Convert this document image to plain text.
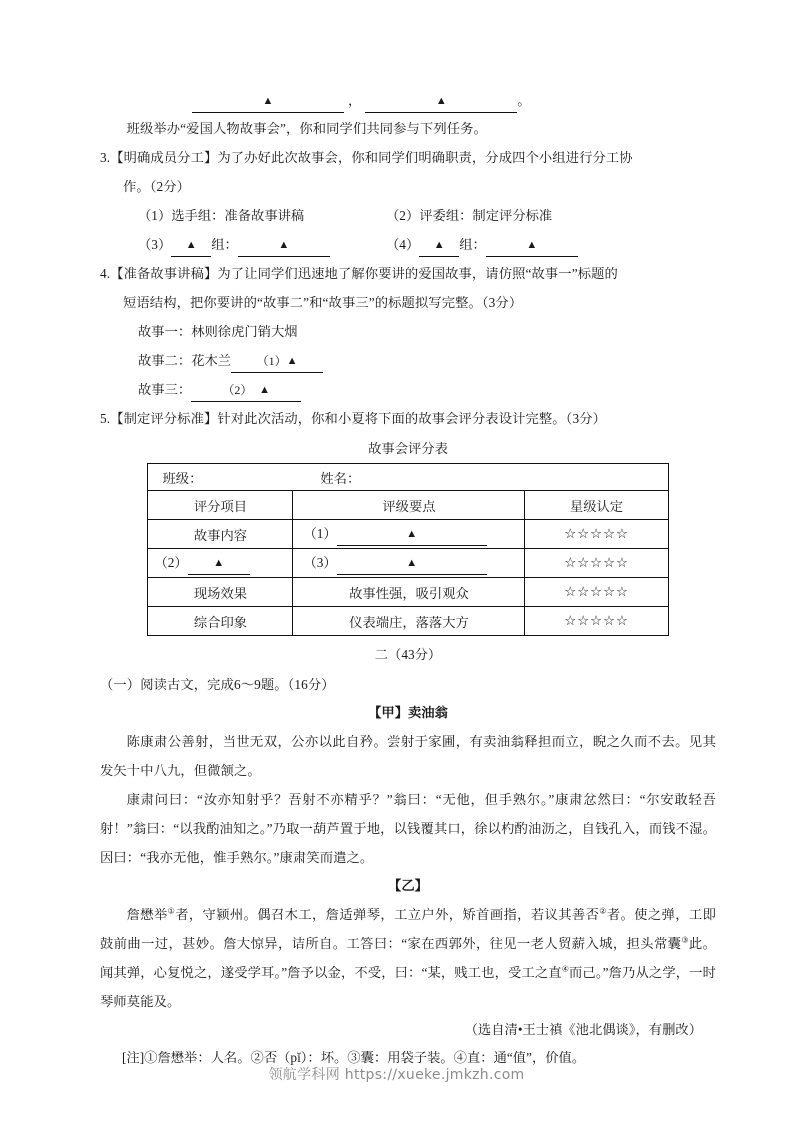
▲	，	▲	。
班级举办“爱国人物故事会”，你和同学们共同参与下列任务。
3.【明确成员分工】为了办好此次故事会，你和同学们明确职责，分成四个小组进行分工协
作。（2分）
（1）选手组：准备故事讲稿	（2）评委组：制定评分标准
（3） ▲ 组：	▲	（4） ▲ 组：	▲
4.【准备故事讲稿】为了让同学们迅速地了解你要讲的爱国故事，请仿照“故事一”标题的
短语结构，把你要讲的“故事二”和“故事三”的标题拟写完整。（3分）
故事一：林则徐虎门销大烟
故事二：花木兰 （1）▲
故事三：	（2） ▲
5.【制定评分标准】针对此次活动，你和小夏将下面的故事会评分表设计完整。（3分）
故事会评分表
班级： 姓名：		
评分项目	评级要点	星级认定
故事内容	（1） ▲	☆☆☆☆☆
（2） ▲	（3） ▲	☆☆☆☆☆
现场效果	故事性强，吸引观众	☆☆☆☆☆
综合印象	仪表端庄，落落大方	☆☆☆☆☆
二（43分）
（一）阅读古文，完成6～9题。（16分）
【甲】卖油翁
陈康肃公善射，当世无双，公亦以此自矜。尝射于家圃，有卖油翁释担而立，睨之久而不去。见其发矢十中八九，但微颔之。
康肃问曰：“汝亦知射乎？吾射不亦精乎？”翁曰：“无他，但手熟尔。”康肃忿然曰：“尔安敢轻吾射！”翁曰：“以我酌油知之。”乃取一葫芦置于地，以钱覆其口，徐以杓酌油沥之，自钱孔入，而钱不湿。因曰：“我亦无他，惟手熟尔。”康肃笑而遣之。
【乙】
詹懋举①者，守颍州。偶召木工，詹适弹琴，工立户外，矫首画指，若议其善否②者。使之弹，工即鼓前曲一过，甚妙。詹大惊异，诘所自。工答曰：“家在西郭外，往见一老人贸薪入城，担头常囊③此。闻其弹，心复悦之，遂受学耳。”詹予以金，不受，曰：“某，贱工也，受工之直④而己。”詹乃从之学，一时琴师莫能及。
（选自清•王士禛《池北偶谈》，有删改）
[注]①詹懋举：人名。②否（pǐ）：坏。③囊：用袋子装。④直：通“值”，价值。
领航学科网 https://xueke.jmkzh.com
